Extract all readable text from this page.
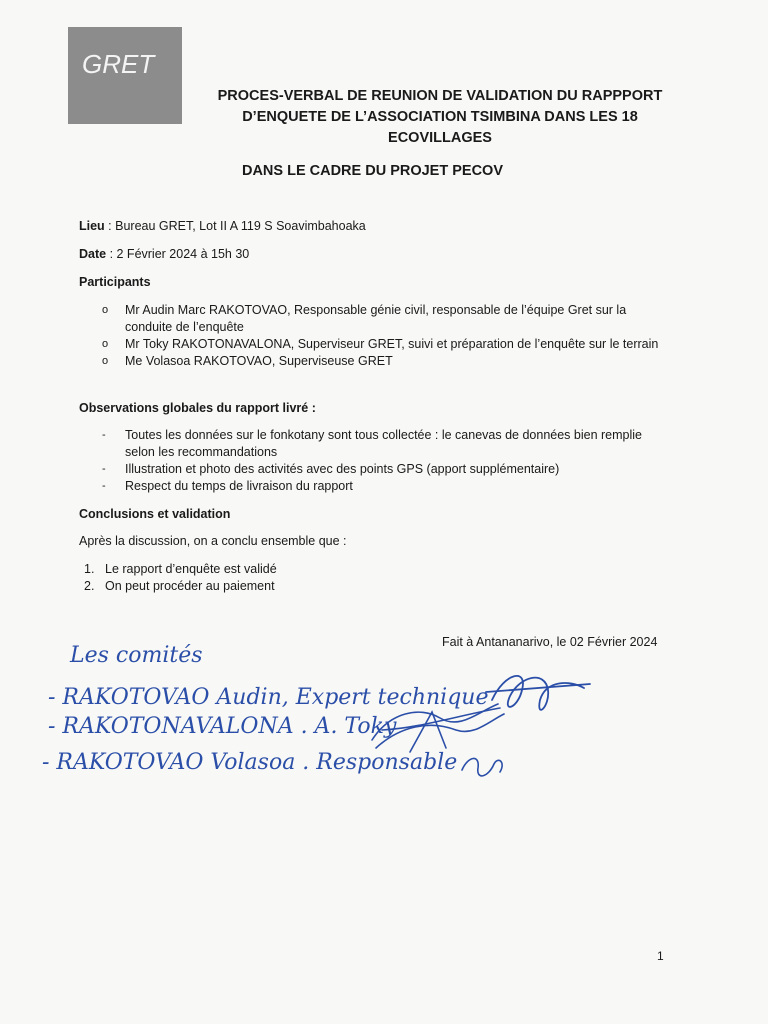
GRET
PROCES-VERBAL DE REUNION DE VALIDATION DU RAPPPORT
D’ENQUETE DE L’ASSOCIATION TSIMBINA DANS LES 18
ECOVILLAGES
DANS LE CADRE DU PROJET PECOV
Lieu : Bureau GRET, Lot II A 119 S Soavimbahoaka
Date : 2 Février 2024 à 15h 30
Participants
o Mr Audin Marc RAKOTOVAO, Responsable génie civil, responsable de l’équipe Gret sur la conduite de l’enquête
o Mr Toky RAKOTONAVALONA, Superviseur GRET, suivi et préparation de l’enquête sur le terrain
o Me Volasoa RAKOTOVAO, Superviseuse GRET
Observations globales du rapport livré :
- Toutes les données sur le fonkotany sont tous collectée : le canevas de données bien remplie selon les recommandations
- Illustration et photo des activités avec des points GPS (apport supplémentaire)
- Respect du temps de livraison du rapport
Conclusions et validation
Après la discussion, on a conclu ensemble que :
1. Le rapport d’enquête est validé
2. On peut procéder au paiement
Fait à Antananarivo, le 02 Février 2024
Les comités
- RAKOTOVAO Audin, Expert technique
- RAKOTONAVALONA . A. Toky
- RAKOTOVAO Volasoa . Responsable
1
